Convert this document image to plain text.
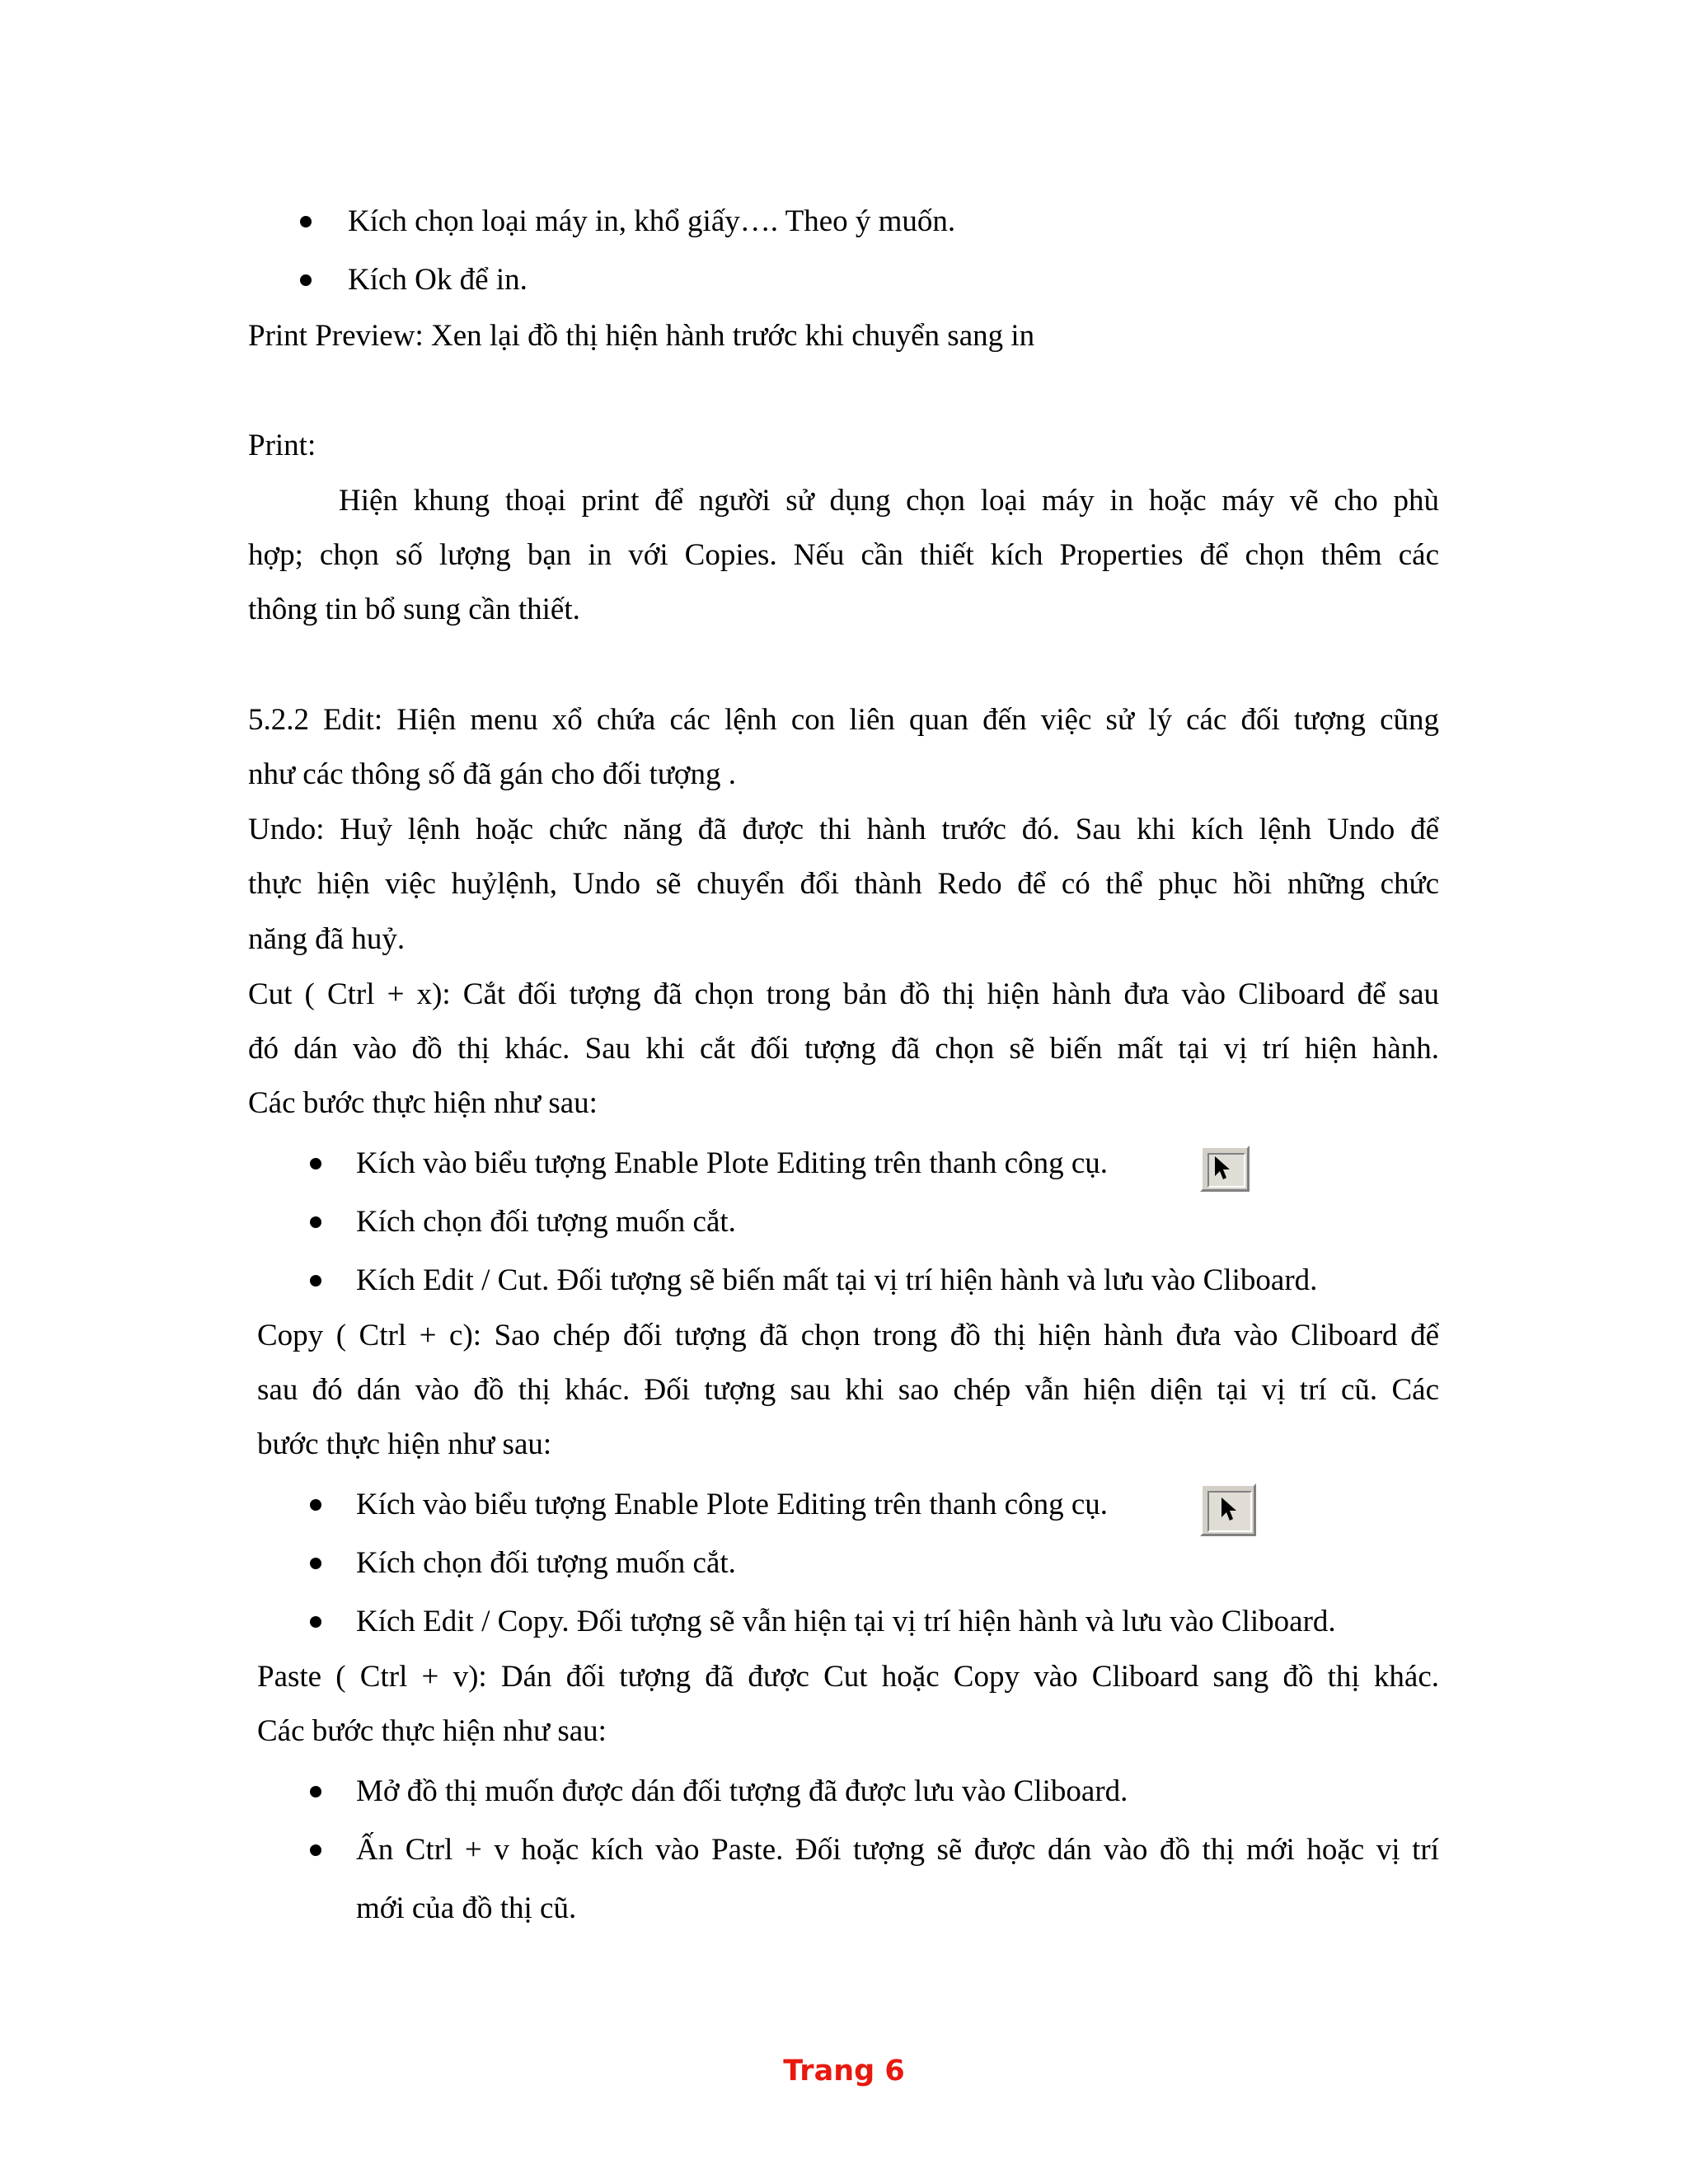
Kích chọn loại máy in, khổ giấy…. Theo ý muốn.
Kích Ok để in.
Print Preview: Xen lại đồ thị hiện hành trước khi chuyển sang in
Print:
Hiện khung thoại print để người sử dụng chọn loại máy in hoặc máy vẽ cho phù
hợp; chọn số lượng bạn in với Copies. Nếu cần thiết kích Properties để chọn thêm các
thông tin bổ sung cần thiết.
5.2.2 Edit: Hiện menu xổ chứa các lệnh con liên quan đến việc sử lý các đối tượng cũng
như các thông số đã gán cho đối tượng .
Undo: Huỷ lệnh hoặc chức năng đã được thi hành trước đó. Sau khi kích lệnh Undo để
thực hiện việc huỷlệnh, Undo sẽ chuyển đổi thành Redo để có thể phục hồi những chức
năng đã huỷ.
Cut ( Ctrl + x): Cắt đối tượng đã chọn trong bản đồ thị hiện hành đưa vào Cliboard để sau
đó dán vào đồ thị khác. Sau khi cắt đối tượng đã chọn sẽ biến mất tại vị trí hiện hành.
Các bước thực hiện như sau:
Kích vào biểu tượng Enable Plote Editing trên thanh công cụ.
Kích chọn đối tượng muốn cắt.
Kích Edit / Cut. Đối tượng sẽ biến mất tại vị trí hiện hành và lưu vào Cliboard.
Copy ( Ctrl + c): Sao chép đối tượng đã chọn trong đồ thị hiện hành đưa vào Cliboard để
sau đó dán vào đồ thị khác. Đối tượng sau khi sao chép vẫn hiện diện tại vị trí cũ. Các
bước thực hiện như sau:
Kích vào biểu tượng Enable Plote Editing trên thanh công cụ.
Kích chọn đối tượng muốn cắt.
Kích Edit / Copy. Đối tượng sẽ vẫn hiện tại vị trí hiện hành và lưu vào Cliboard.
Paste ( Ctrl + v): Dán đối tượng đã được Cut hoặc Copy vào Cliboard sang đồ thị khác.
Các bước thực hiện như sau:
Mở đồ thị muốn được dán đối tượng đã được lưu vào Cliboard.
Ấn Ctrl + v hoặc kích vào Paste. Đối tượng sẽ được dán vào đồ thị mới hoặc vị trí
mới của đồ thị cũ.
Trang 6
